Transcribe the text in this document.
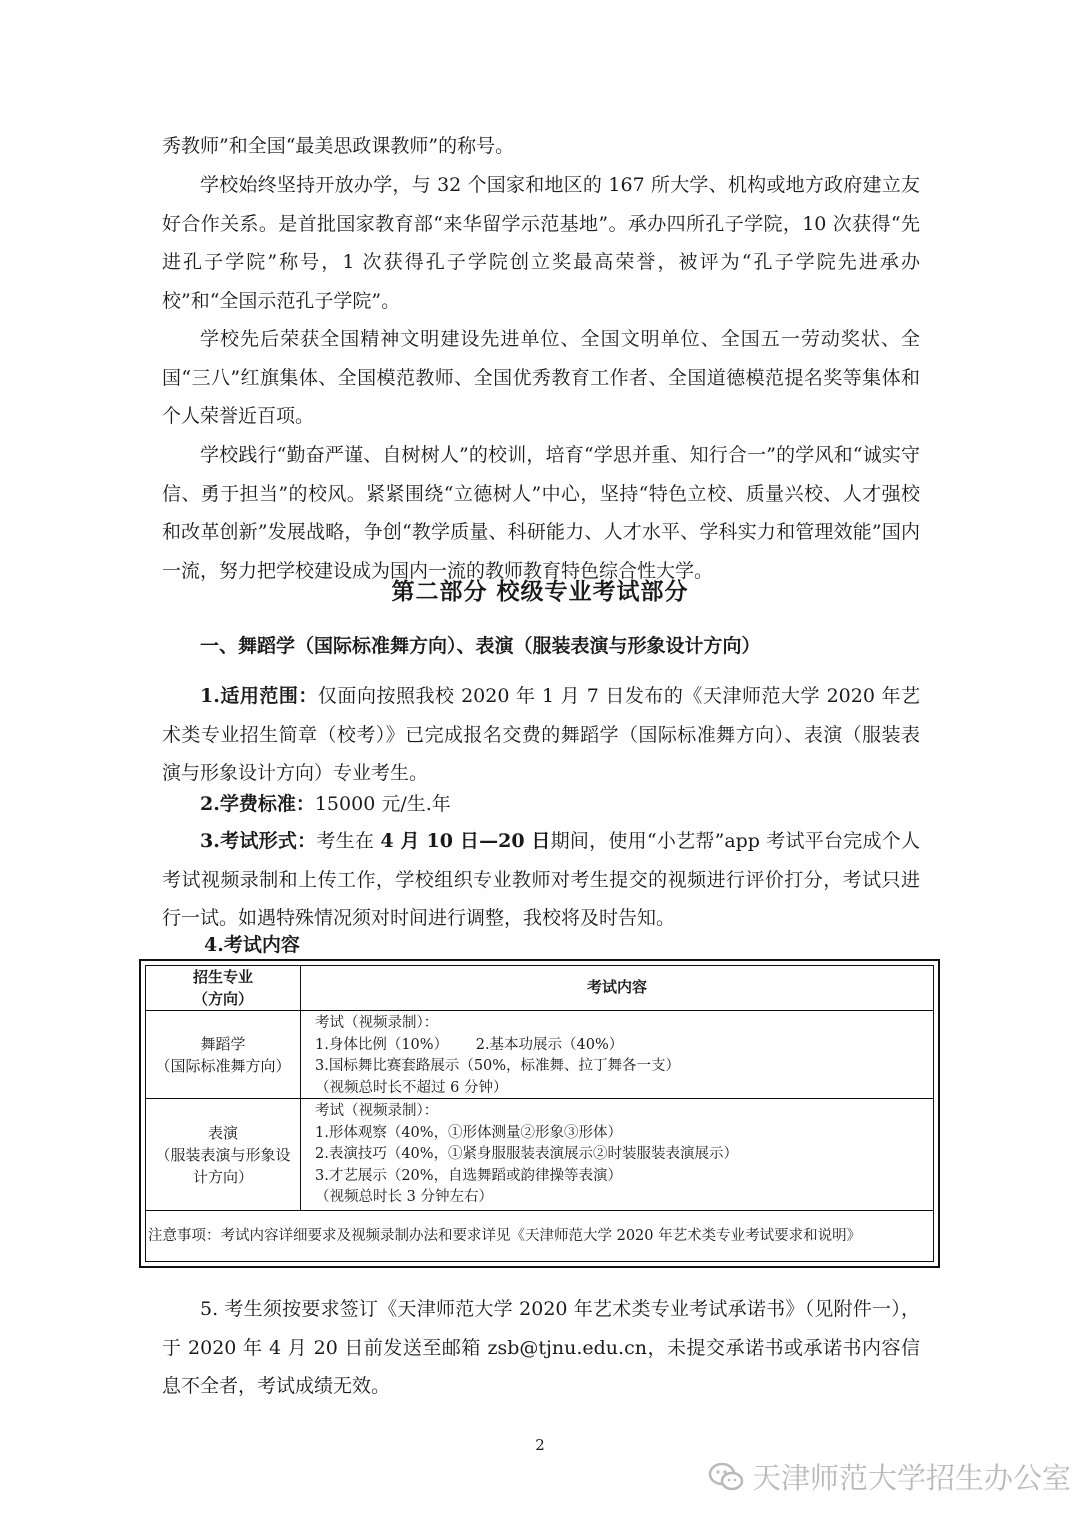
秀教师”和全国“最美思政课教师”的称号。

学校始终坚持开放办学，与 32 个国家和地区的 167 所大学、机构或地方政府建立友好合作关系。是首批国家教育部“来华留学示范基地”。承办四所孔子学院，10 次获得“先进孔子学院”称号，1 次获得孔子学院创立奖最高荣誉，被评为“孔子学院先进承办校”和“全国示范孔子学院”。

学校先后荣获全国精神文明建设先进单位、全国文明单位、全国五一劳动奖状、全国“三八”红旗集体、全国模范教师、全国优秀教育工作者、全国道德模范提名奖等集体和个人荣誉近百项。

学校践行“勤奋严谨、自树树人”的校训，培育“学思并重、知行合一”的学风和“诚实守信、勇于担当”的校风。紧紧围绕“立德树人”中心，坚持“特色立校、质量兴校、人才强校和改革创新”发展战略，争创“教学质量、科研能力、人才水平、学科实力和管理效能”国内一流，努力把学校建设成为国内一流的教师教育特色综合性大学。

第二部分 校级专业考试部分
一、舞蹈学（国际标准舞方向）、表演（服装表演与形象设计方向）

1.适用范围：仅面向按照我校 2020 年 1 月 7 日发布的《天津师范大学 2020 年艺术类专业招生简章（校考）》已完成报名交费的舞蹈学（国际标准舞方向）、表演（服装表演与形象设计方向）专业考生。

2.学费标准：15000 元/生.年

3.考试形式：考生在 4 月 10 日—20 日期间，使用“小艺帮”app 考试平台完成个人考试视频录制和上传工作，学校组织专业教师对考生提交的视频进行评价打分，考试只进行一试。如遇特殊情况须对时间进行调整，我校将及时告知。

4.考试内容
招生专业
（方向）
考试内容
舞蹈学
（国际标准舞方向）
考试（视频录制）：
1.身体比例（10%）      2.基本功展示（40%）
3.国标舞比赛套路展示（50%，标准舞、拉丁舞各一支）
（视频总时长不超过 6 分钟）
表演
（服装表演与形象设
计方向）
考试（视频录制）：
1.形体观察（40%，①形体测量②形象③形体）
2.表演技巧（40%，①紧身服服装表演展示②时装服装表演展示）
3.才艺展示（20%，自选舞蹈或韵律操等表演）
（视频总时长 3 分钟左右）
注意事项：考试内容详细要求及视频录制办法和要求详见《天津师范大学 2020 年艺术类专业考试要求和说明》

5. 考生须按要求签订《天津师范大学 2020 年艺术类专业考试承诺书》（见附件一），于 2020 年 4 月 20 日前发送至邮箱 zsb@tjnu.edu.cn，未提交承诺书或承诺书内容信息不全者，考试成绩无效。

2
天津师范大学招生办公室
